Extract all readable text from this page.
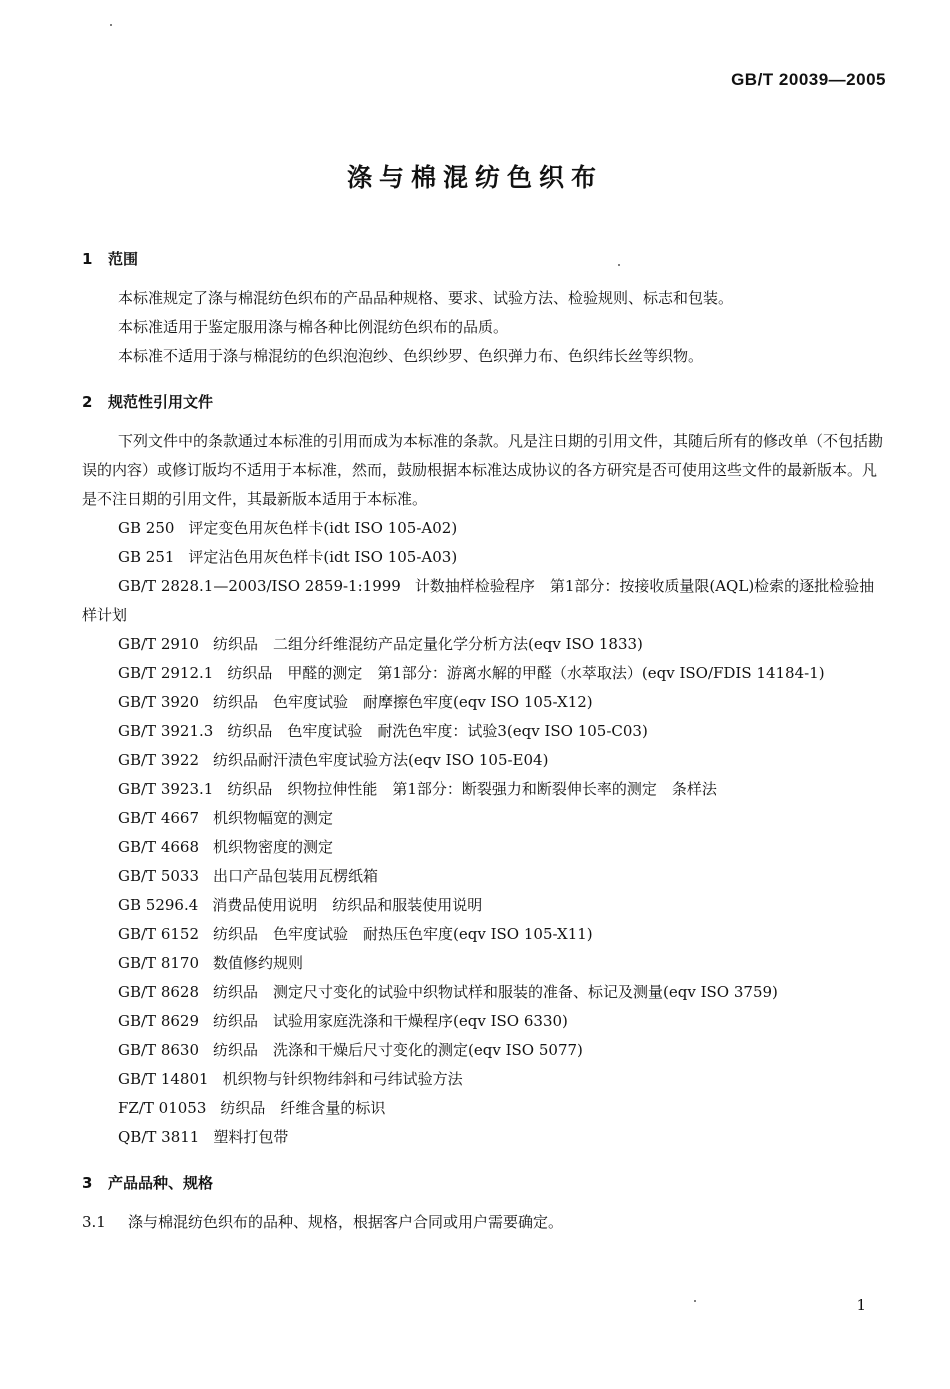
GB/T 20039—2005
涤与棉混纺色织布
1 范围

本标准规定了涤与棉混纺色织布的产品品种规格、要求、试验方法、检验规则、标志和包装。

本标准适用于鉴定服用涤与棉各种比例混纺色织布的品质。

本标准不适用于涤与棉混纺的色织泡泡纱、色织纱罗、色织弹力布、色织纬长丝等织物。

2 规范性引用文件

下列文件中的条款通过本标准的引用而成为本标准的条款。凡是注日期的引用文件，其随后所有的修改单（不包括勘误的内容）或修订版均不适用于本标准，然而，鼓励根据本标准达成协议的各方研究是否可使用这些文件的最新版本。凡是不注日期的引用文件，其最新版本适用于本标准。

GB 250 评定变色用灰色样卡(idt ISO 105-A02)

GB 251 评定沾色用灰色样卡(idt ISO 105-A03)

GB/T 2828.1—2003/ISO 2859-1:1999 计数抽样检验程序　第1部分：按接收质量限(AQL)检索的逐批检验抽样计划

GB/T 2910 纺织品　二组分纤维混纺产品定量化学分析方法(eqv ISO 1833)

GB/T 2912.1 纺织品　甲醛的测定　第1部分：游离水解的甲醛（水萃取法）(eqv ISO/FDIS 14184-1)

GB/T 3920 纺织品　色牢度试验　耐摩擦色牢度(eqv ISO 105-X12)

GB/T 3921.3 纺织品　色牢度试验　耐洗色牢度：试验3(eqv ISO 105-C03)

GB/T 3922 纺织品耐汗渍色牢度试验方法(eqv ISO 105-E04)

GB/T 3923.1 纺织品　织物拉伸性能　第1部分：断裂强力和断裂伸长率的测定　条样法

GB/T 4667 机织物幅宽的测定

GB/T 4668 机织物密度的测定

GB/T 5033 出口产品包装用瓦楞纸箱

GB 5296.4 消费品使用说明　纺织品和服装使用说明

GB/T 6152 纺织品　色牢度试验　耐热压色牢度(eqv ISO 105-X11)

GB/T 8170 数值修约规则

GB/T 8628 纺织品　测定尺寸变化的试验中织物试样和服装的准备、标记及测量(eqv ISO 3759)

GB/T 8629 纺织品　试验用家庭洗涤和干燥程序(eqv ISO 6330)

GB/T 8630 纺织品　洗涤和干燥后尺寸变化的测定(eqv ISO 5077)

GB/T 14801 机织物与针织物纬斜和弓纬试验方法

FZ/T 01053 纺织品　纤维含量的标识

QB/T 3811 塑料打包带

3 产品品种、规格

3.1 涤与棉混纺色织布的品种、规格，根据客户合同或用户需要确定。

1
